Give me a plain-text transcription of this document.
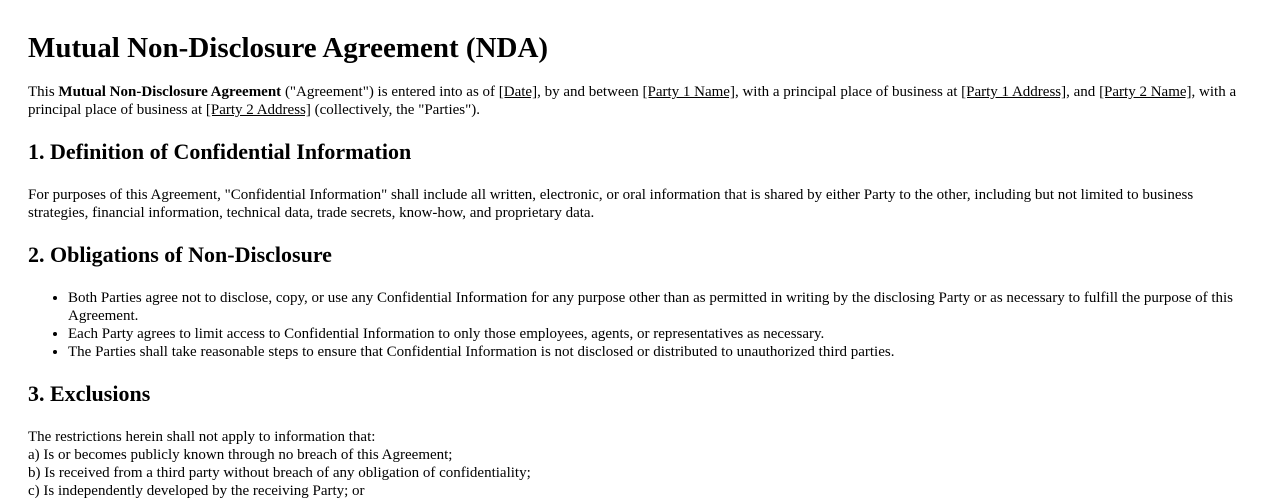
Mutual Non-Disclosure Agreement (NDA)

This Mutual Non-Disclosure Agreement ("Agreement") is entered into as of [Date], by and between [Party 1 Name], with a principal place of business at [Party 1 Address], and [Party 2 Name], with a principal place of business at [Party 2 Address] (collectively, the "Parties").

1. Definition of Confidential Information

For purposes of this Agreement, "Confidential Information" shall include all written, electronic, or oral information that is shared by either Party to the other, including but not limited to business strategies, financial information, technical data, trade secrets, know-how, and proprietary data.

2. Obligations of Non-Disclosure
• Both Parties agree not to disclose, copy, or use any Confidential Information for any purpose other than as permitted in writing by the disclosing Party or as necessary to fulfill the purpose of this Agreement.
• Each Party agrees to limit access to Confidential Information to only those employees, agents, or representatives as necessary.
• The Parties shall take reasonable steps to ensure that Confidential Information is not disclosed or distributed to unauthorized third parties.
3. Exclusions

The restrictions herein shall not apply to information that:
a) Is or becomes publicly known through no breach of this Agreement;
b) Is received from a third party without breach of any obligation of confidentiality;
c) Is independently developed by the receiving Party; or
